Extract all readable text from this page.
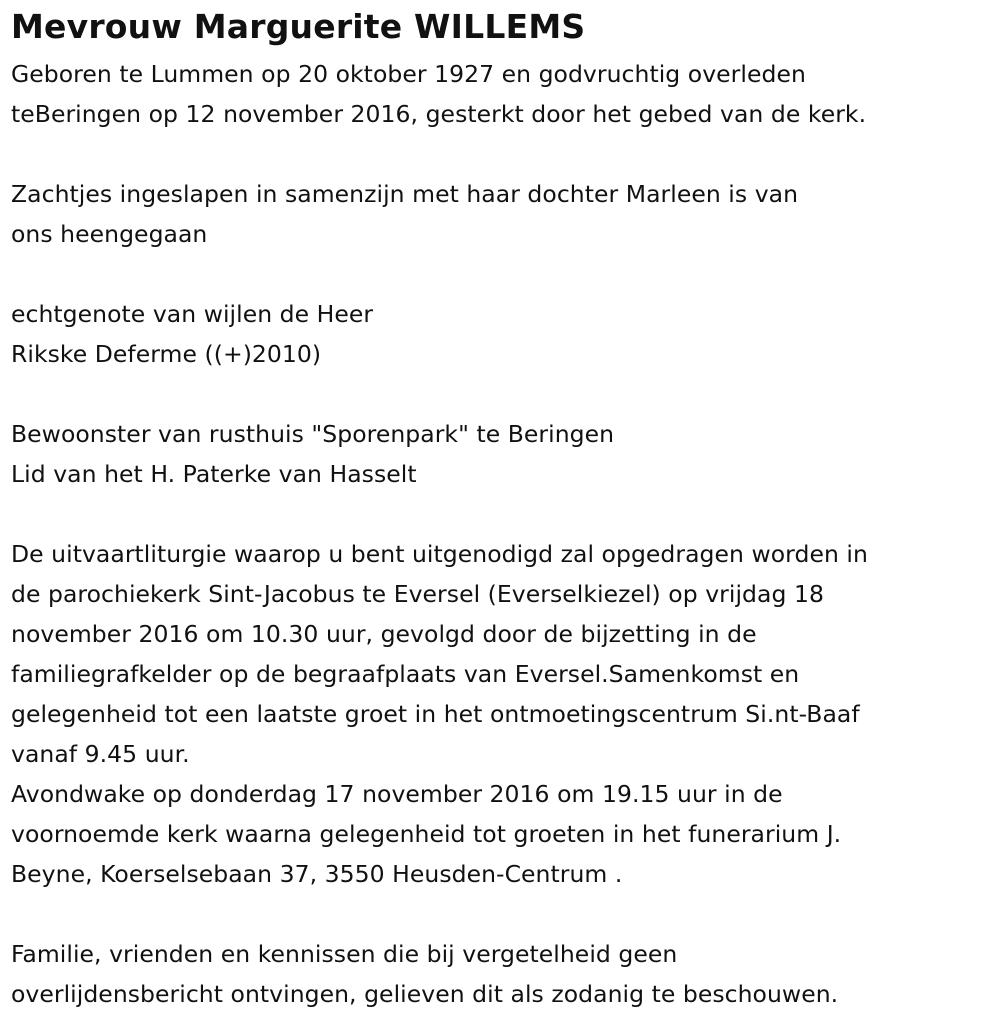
Mevrouw Marguerite WILLEMS
Geboren te Lummen op 20 oktober 1927 en godvruchtig overleden
teBeringen op 12 november 2016, gesterkt door het gebed van de kerk.
Zachtjes ingeslapen in samenzijn met haar dochter Marleen is van
ons heengegaan
echtgenote van wijlen de Heer
Rikske Deferme ((+)2010)
Bewoonster van rusthuis "Sporenpark" te Beringen
Lid van het H. Paterke van Hasselt
De uitvaartliturgie waarop u bent uitgenodigd zal opgedragen worden in
de parochiekerk Sint-Jacobus te Eversel (Everselkiezel) op vrijdag 18
november 2016 om 10.30 uur, gevolgd door de bijzetting in de
familiegrafkelder op de begraafplaats van Eversel.Samenkomst en
gelegenheid tot een laatste groet in het ontmoetingscentrum Si.nt-Baaf
vanaf 9.45 uur.
Avondwake op donderdag 17 november 2016 om 19.15 uur in de
voornoemde kerk waarna gelegenheid tot groeten in het funerarium J.
Beyne, Koerselsebaan 37, 3550 Heusden-Centrum .
Familie, vrienden en kennissen die bij vergetelheid geen
overlijdensbericht ontvingen, gelieven dit als zodanig te beschouwen.
